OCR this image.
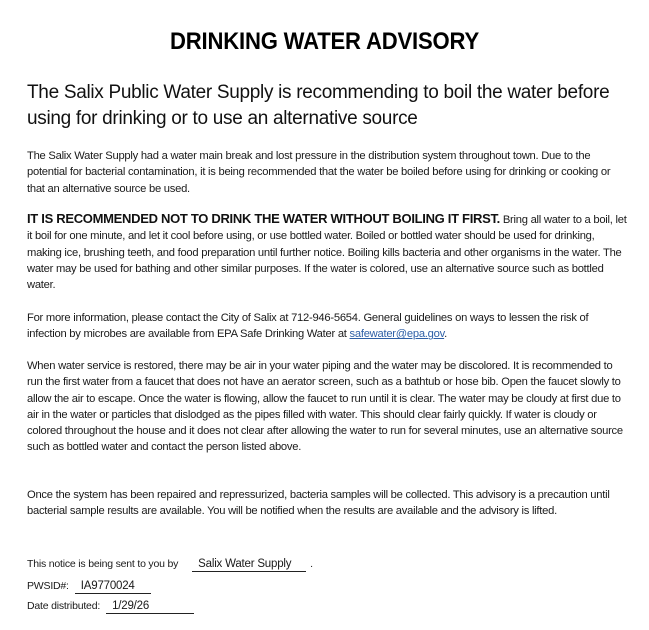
DRINKING WATER ADVISORY
The Salix Public Water Supply is recommending to boil the water before using for drinking or to use an alternative source
The Salix Water Supply had a water main break and lost pressure in the distribution system throughout town. Due to the potential for bacterial contamination, it is being recommended that the water be boiled before using for drinking or cooking or that an alternative source be used.
IT IS RECOMMENDED NOT TO DRINK THE WATER WITHOUT BOILING IT FIRST. Bring all water to a boil, let it boil for one minute, and let it cool before using, or use bottled water. Boiled or bottled water should be used for drinking, making ice, brushing teeth, and food preparation until further notice. Boiling kills bacteria and other organisms in the water. The water may be used for bathing and other similar purposes. If the water is colored, use an alternative source such as bottled water.
For more information, please contact the City of Salix at 712-946-5654. General guidelines on ways to lessen the risk of infection by microbes are available from EPA Safe Drinking Water at safewater@epa.gov.
When water service is restored, there may be air in your water piping and the water may be discolored. It is recommended to run the first water from a faucet that does not have an aerator screen, such as a bathtub or hose bib. Open the faucet slowly to allow the air to escape. Once the water is flowing, allow the faucet to run until it is clear. The water may be cloudy at first due to air in the water or particles that dislodged as the pipes filled with water. This should clear fairly quickly. If water is cloudy or colored throughout the house and it does not clear after allowing the water to run for several minutes, use an alternative source such as bottled water and contact the person listed above.
Once the system has been repaired and repressurized, bacteria samples will be collected. This advisory is a precaution until bacterial sample results are available. You will be notified when the results are available and the advisory is lifted.
This notice is being sent to you by Salix Water Supply .
PWSID#: IA9770024
Date distributed: 1/29/26
